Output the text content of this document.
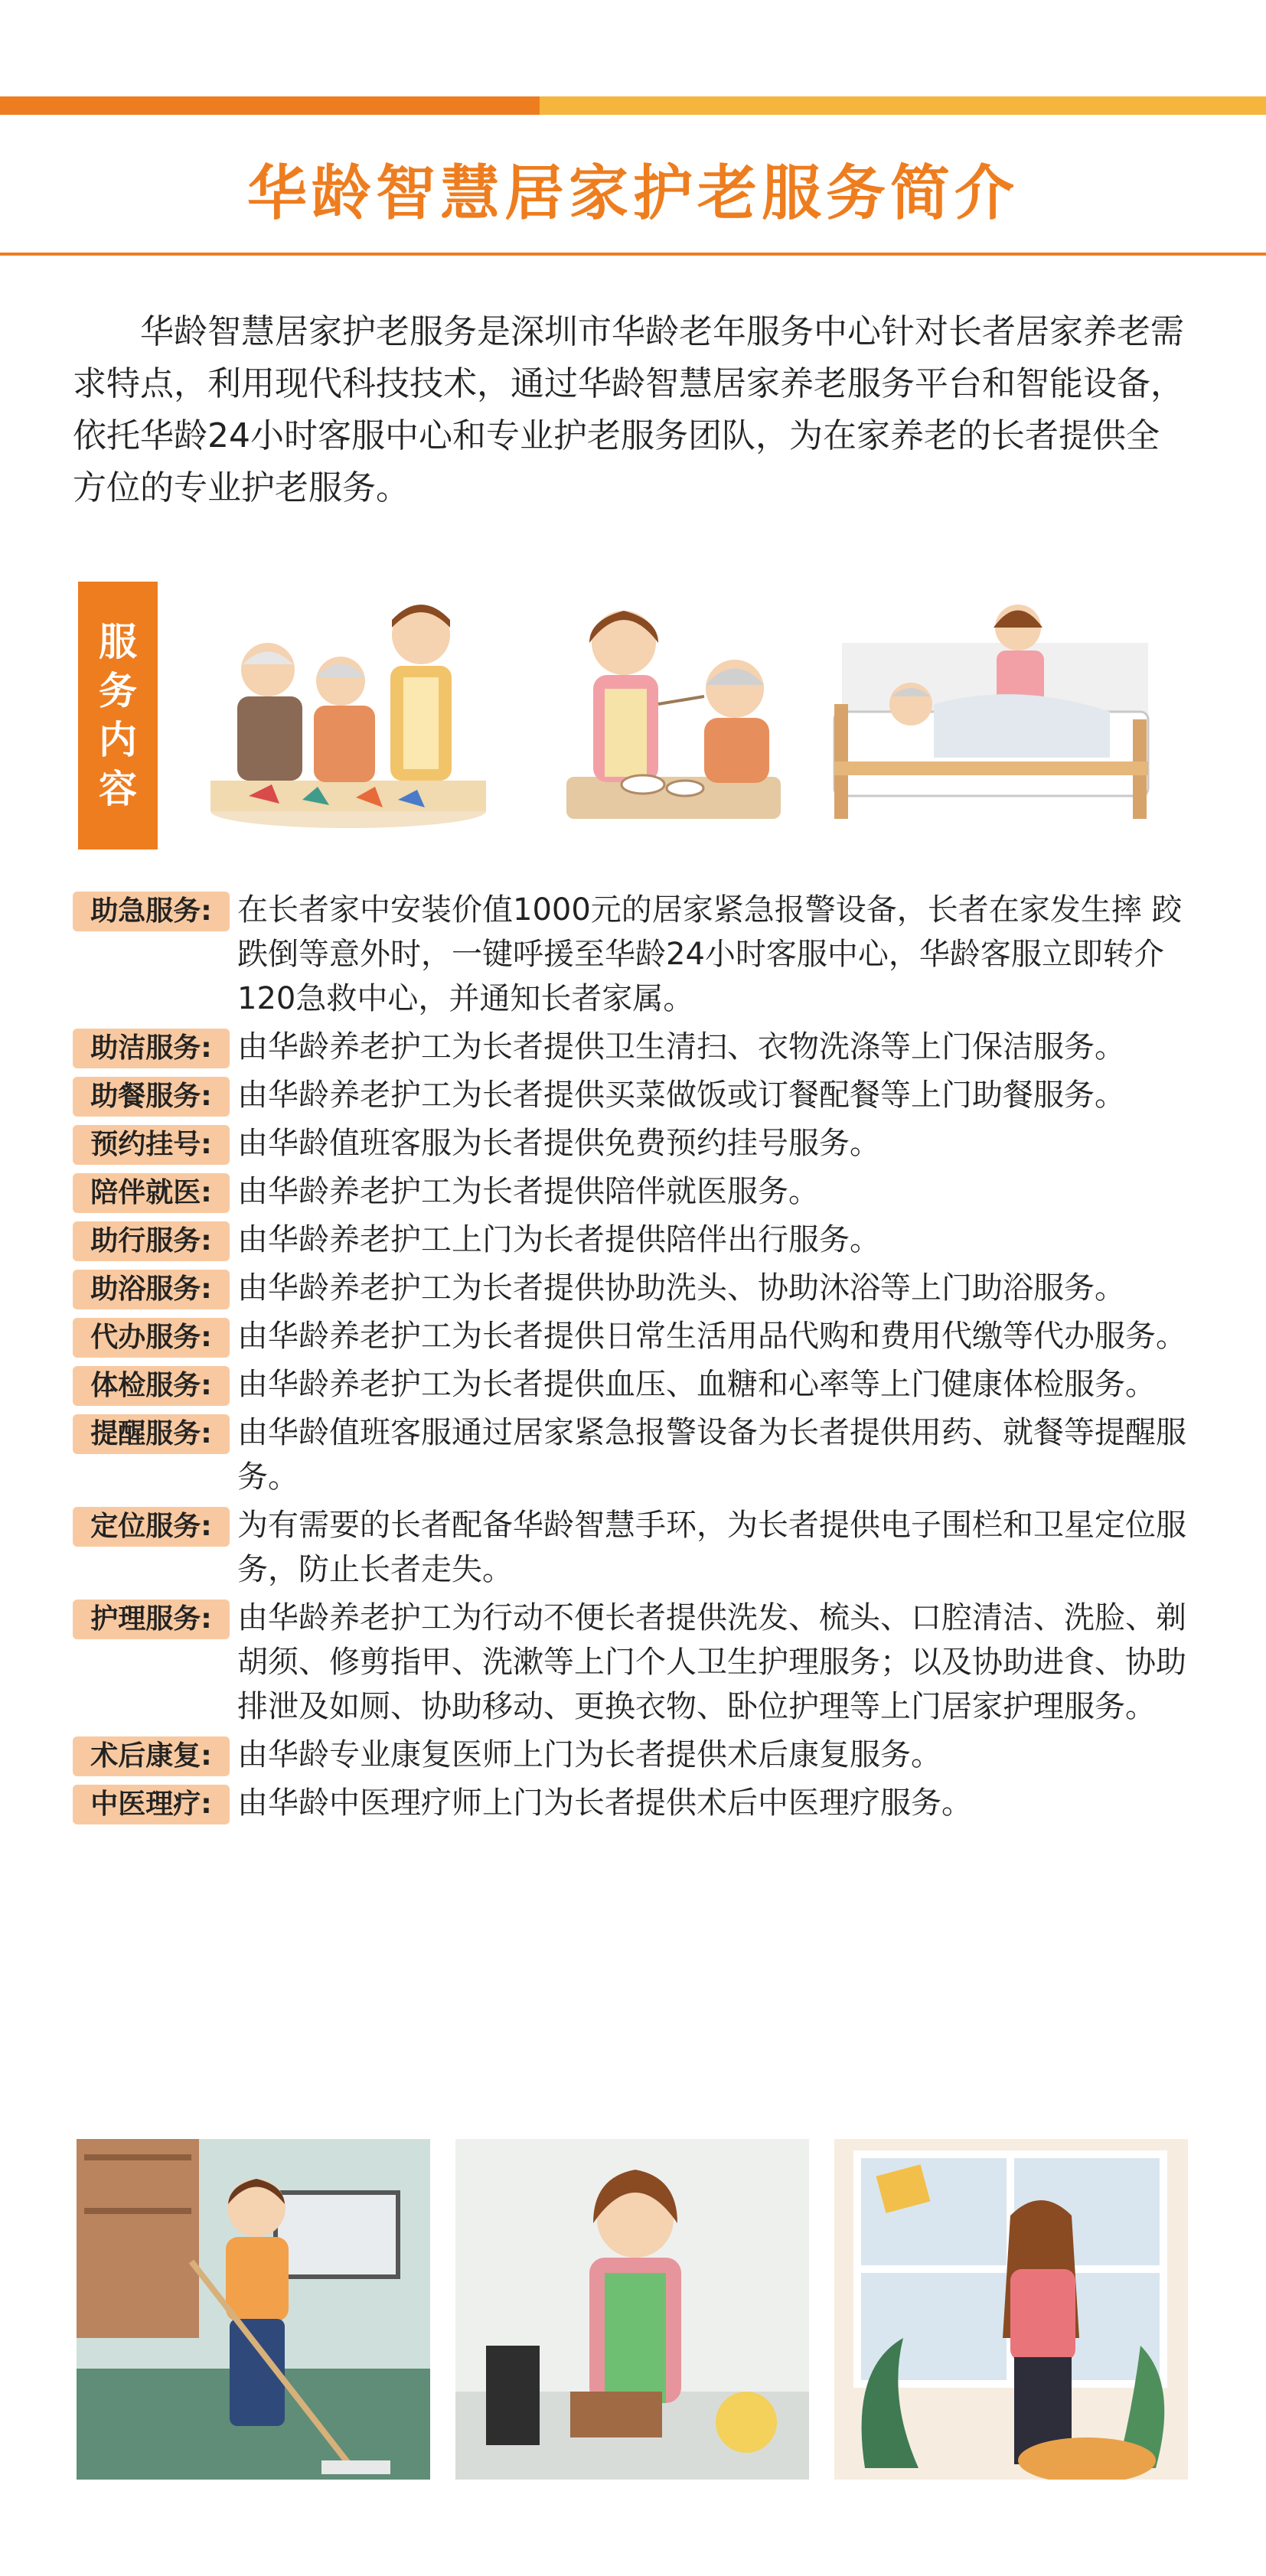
华龄智慧居家护老服务简介
华龄智慧居家护老服务是深圳市华龄老年服务中心针对长者居家养老需求特点，利用现代科技技术，通过华龄智慧居家养老服务平台和智能设备，依托华龄24小时客服中心和专业护老服务团队，为在家养老的长者提供全方位的专业护老服务。
服
务
内
容
助急服务: 在长者家中安装价值1000元的居家紧急报警设备，长者在家发生摔 跤跌倒等意外时，一键呼援至华龄24小时客服中心，华龄客服立即转介120急救中心，并通知长者家属。
助洁服务: 由华龄养老护工为长者提供卫生清扫、衣物洗涤等上门保洁服务。
助餐服务: 由华龄养老护工为长者提供买菜做饭或订餐配餐等上门助餐服务。
预约挂号: 由华龄值班客服为长者提供免费预约挂号服务。
陪伴就医: 由华龄养老护工为长者提供陪伴就医服务。
助行服务: 由华龄养老护工上门为长者提供陪伴出行服务。
助浴服务: 由华龄养老护工为长者提供协助洗头、协助沐浴等上门助浴服务。
代办服务: 由华龄养老护工为长者提供日常生活用品代购和费用代缴等代办服务。
体检服务: 由华龄养老护工为长者提供血压、血糖和心率等上门健康体检服务。
提醒服务: 由华龄值班客服通过居家紧急报警设备为长者提供用药、就餐等提醒服务。
定位服务: 为有需要的长者配备华龄智慧手环，为长者提供电子围栏和卫星定位服 务，防止长者走失。
护理服务: 由华龄养老护工为行动不便长者提供洗发、梳头、口腔清洁、洗脸、剃胡须、修剪指甲、洗漱等上门个人卫生护理服务；以及协助进食、协助排泄及如厕、协助移动、更换衣物、卧位护理等上门居家护理服务。
术后康复: 由华龄专业康复医师上门为长者提供术后康复服务。
中医理疗: 由华龄中医理疗师上门为长者提供术后中医理疗服务。
